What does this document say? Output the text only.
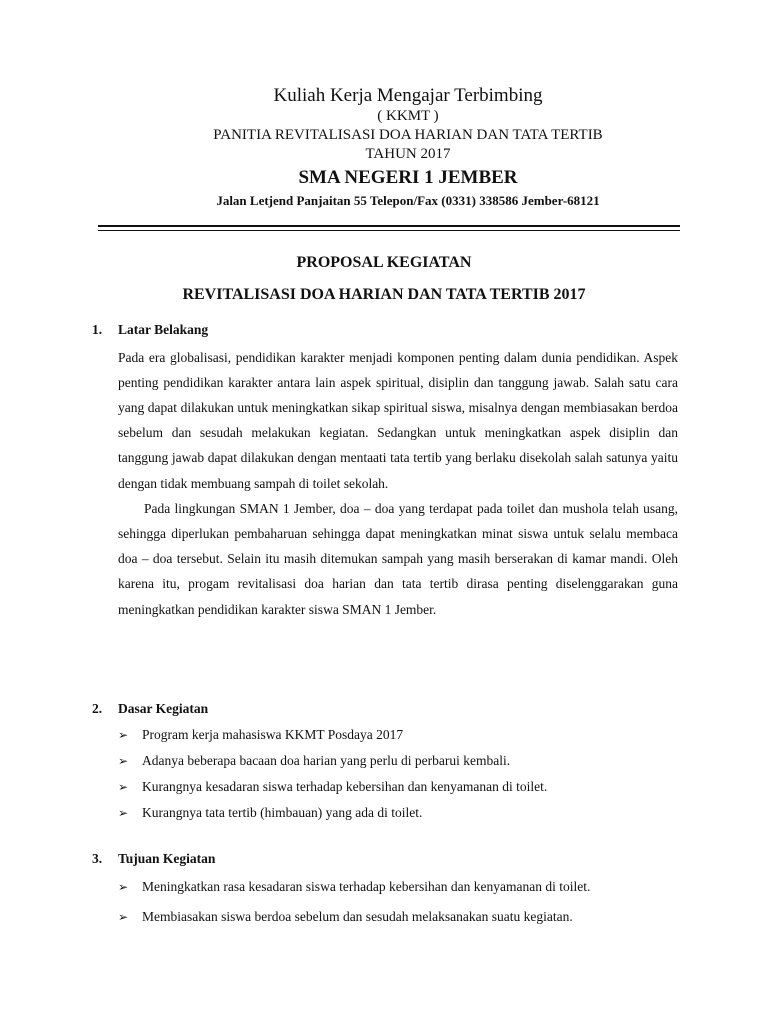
Kuliah Kerja Mengajar Terbimbing
( KKMT )
PANITIA REVITALISASI DOA HARIAN DAN TATA TERTIB
TAHUN 2017
SMA NEGERI 1 JEMBER
Jalan Letjend Panjaitan 55 Telepon/Fax (0331) 338586 Jember-68121
PROPOSAL KEGIATAN
REVITALISASI DOA HARIAN DAN TATA TERTIB 2017
1.	Latar Belakang

Pada era globalisasi, pendidikan karakter menjadi komponen penting dalam dunia pendidikan. Aspek penting pendidikan karakter antara lain aspek spiritual, disiplin dan tanggung jawab. Salah satu cara yang dapat dilakukan untuk meningkatkan sikap spiritual siswa, misalnya dengan membiasakan berdoa sebelum dan sesudah melakukan kegiatan. Sedangkan untuk meningkatkan aspek disiplin dan tanggung jawab dapat dilakukan dengan mentaati tata tertib yang berlaku disekolah salah satunya yaitu dengan tidak membuang sampah di toilet sekolah.

Pada lingkungan SMAN 1 Jember, doa – doa yang terdapat pada toilet dan mushola telah usang, sehingga diperlukan pembaharuan sehingga dapat meningkatkan minat siswa untuk selalu membaca doa – doa tersebut. Selain itu masih ditemukan sampah yang masih berserakan di kamar mandi. Oleh karena itu, progam revitalisasi doa harian dan tata tertib dirasa penting diselenggarakan guna meningkatkan pendidikan karakter siswa SMAN 1 Jember.

2.	Dasar Kegiatan
➢	Program kerja mahasiswa KKMT Posdaya 2017
➢	Adanya beberapa bacaan doa harian yang perlu di perbarui kembali.
➢	Kurangnya kesadaran siswa terhadap kebersihan dan kenyamanan di toilet.
➢	Kurangnya tata tertib (himbauan) yang ada di toilet.
3.	Tujuan Kegiatan
➢	Meningkatkan rasa kesadaran siswa terhadap kebersihan dan kenyamanan di toilet.
➢	Membiasakan siswa berdoa sebelum dan sesudah melaksanakan suatu kegiatan.
